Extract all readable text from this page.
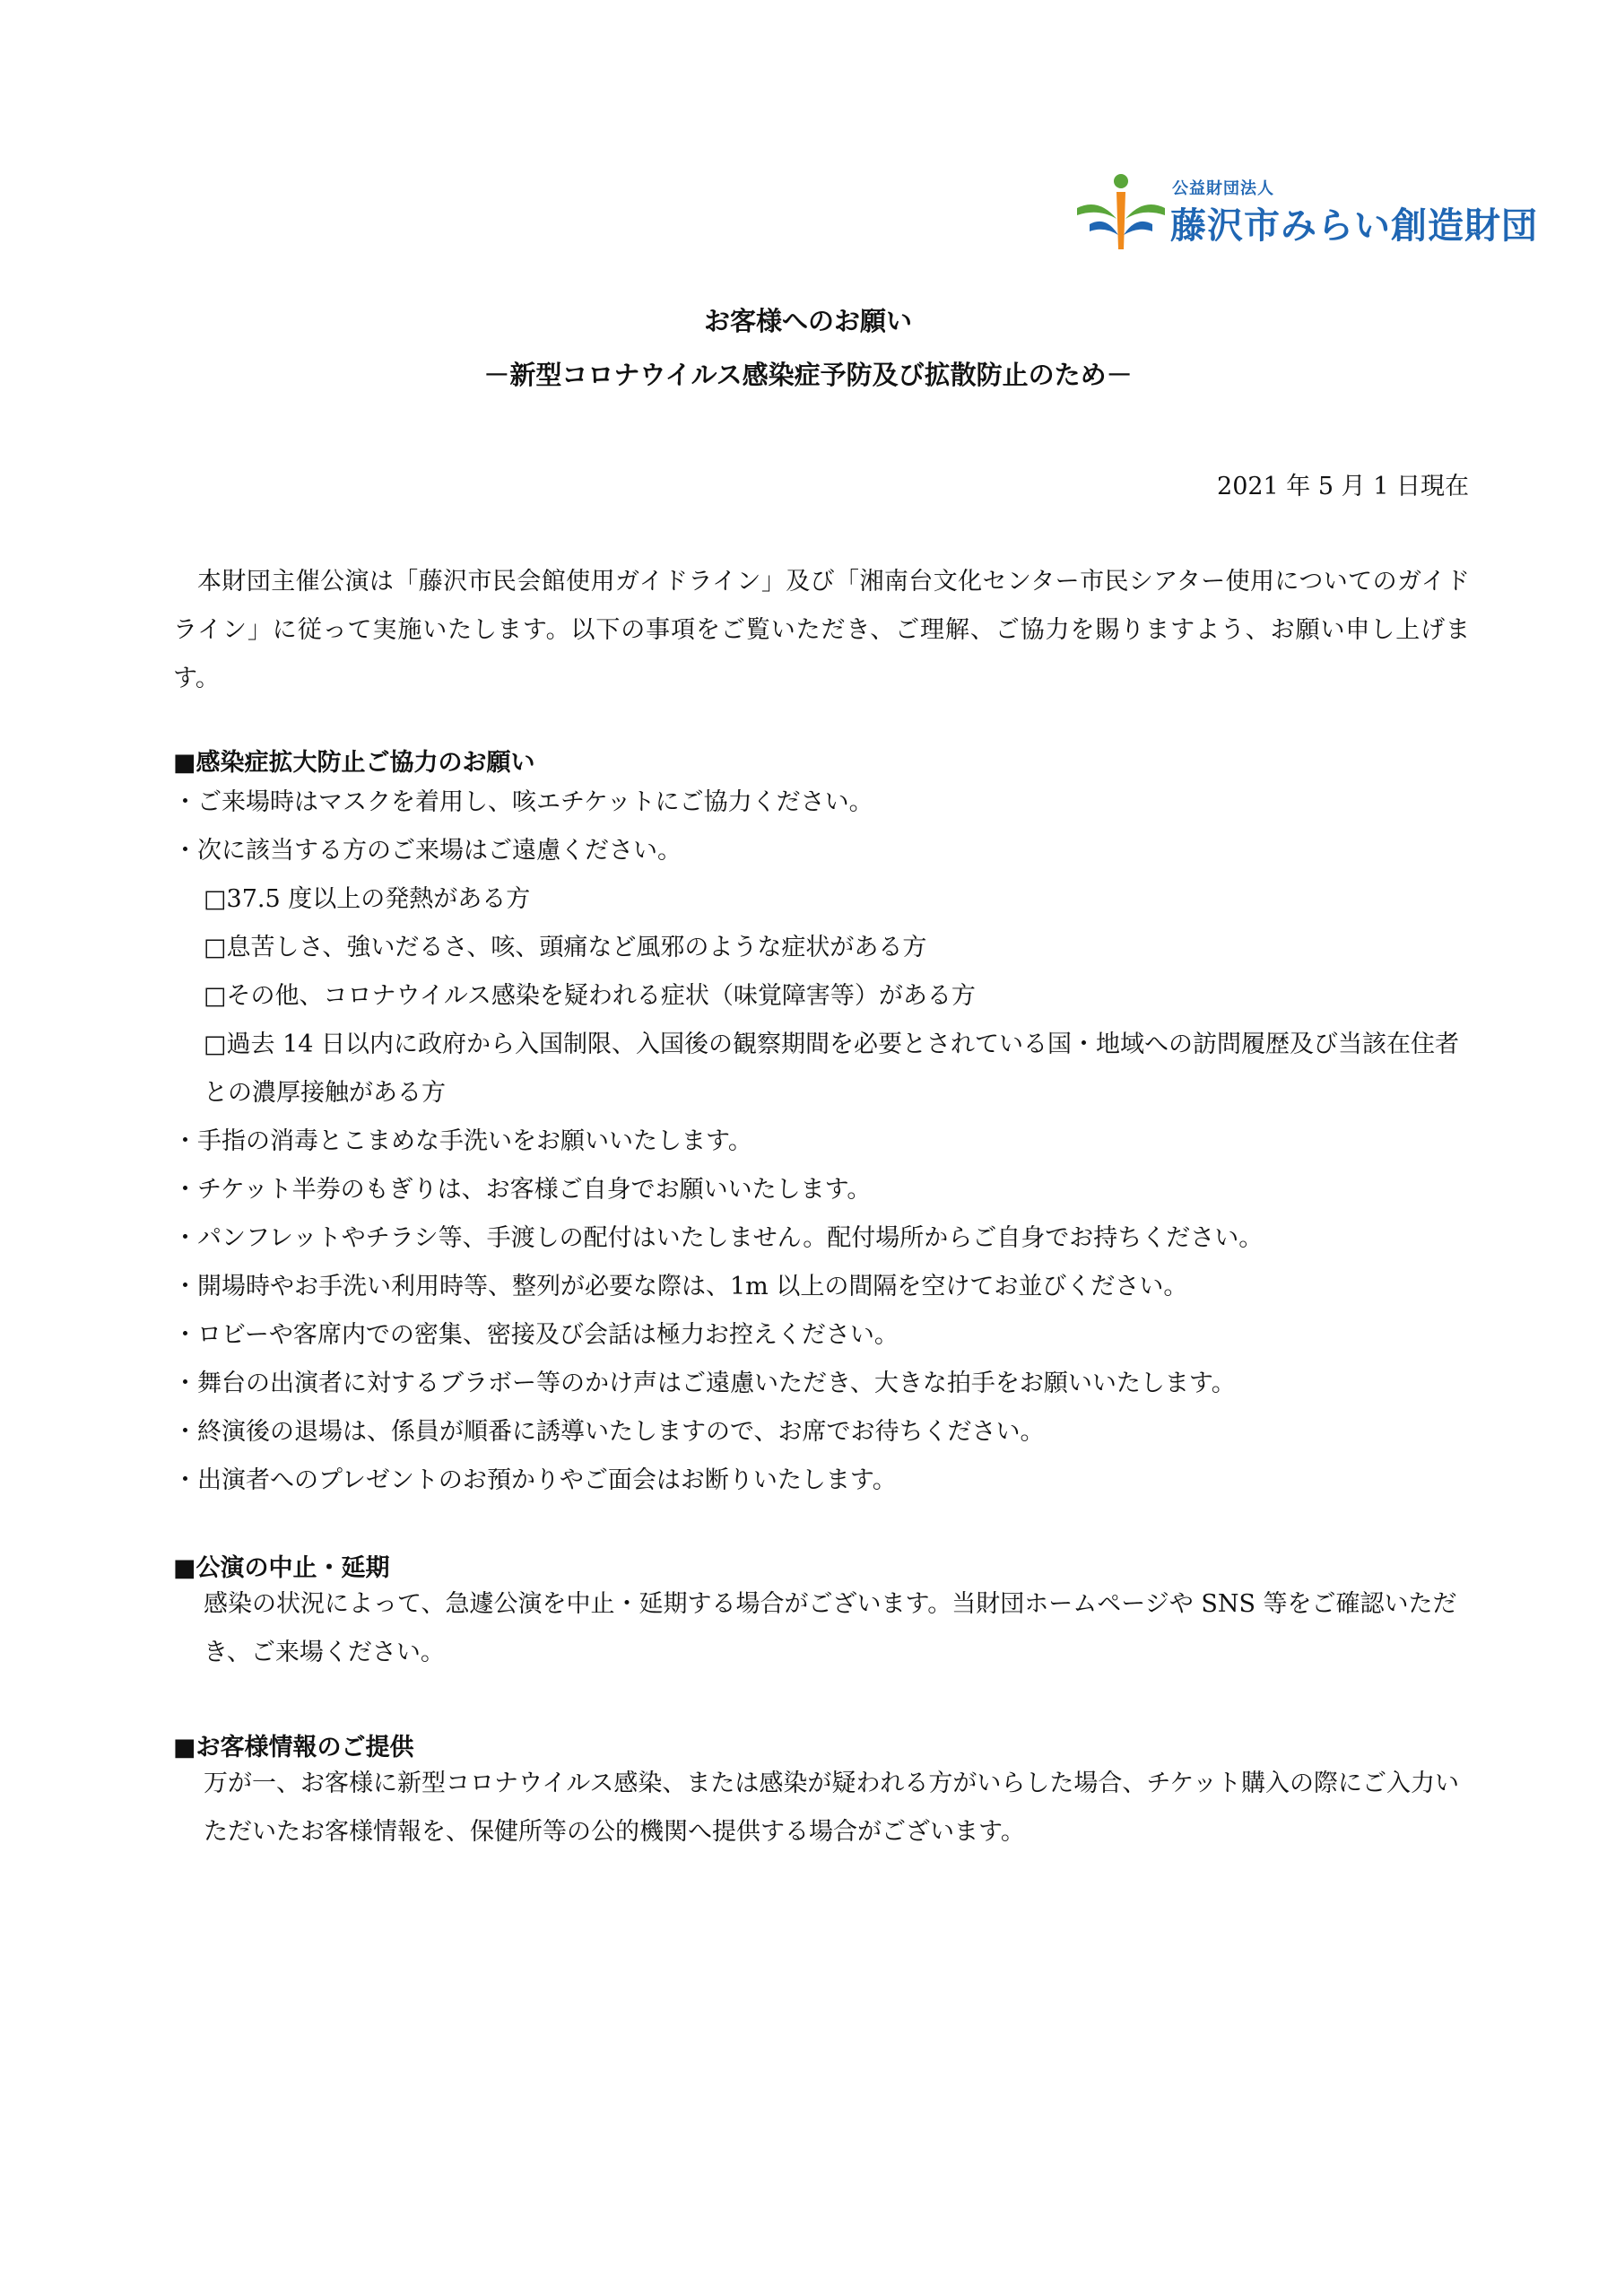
公益財団法人
藤沢市みらい創造財団
お客様へのお願い
－新型コロナウイルス感染症予防及び拡散防止のため－
2021 年 5 月 1 日現在
本財団主催公演は「藤沢市民会館使用ガイドライン」及び「湘南台文化センター市民シアター使用についてのガイドライン」に従って実施いたします。以下の事項をご覧いただき、ご理解、ご協力を賜りますよう、お願い申し上げます。
■感染症拡大防止ご協力のお願い
・ご来場時はマスクを着用し、咳エチケットにご協力ください。
・次に該当する方のご来場はご遠慮ください。
□37.5 度以上の発熱がある方
□息苦しさ、強いだるさ、咳、頭痛など風邪のような症状がある方
□その他、コロナウイルス感染を疑われる症状（味覚障害等）がある方
□過去 14 日以内に政府から入国制限、入国後の観察期間を必要とされている国・地域への訪問履歴及び当該在住者との濃厚接触がある方
・手指の消毒とこまめな手洗いをお願いいたします。
・チケット半券のもぎりは、お客様ご自身でお願いいたします。
・パンフレットやチラシ等、手渡しの配付はいたしません。配付場所からご自身でお持ちください。
・開場時やお手洗い利用時等、整列が必要な際は、1m 以上の間隔を空けてお並びください。
・ロビーや客席内での密集、密接及び会話は極力お控えください。
・舞台の出演者に対するブラボー等のかけ声はご遠慮いただき、大きな拍手をお願いいたします。
・終演後の退場は、係員が順番に誘導いたしますので、お席でお待ちください。
・出演者へのプレゼントのお預かりやご面会はお断りいたします。
■公演の中止・延期
感染の状況によって、急遽公演を中止・延期する場合がございます。当財団ホームページや SNS 等をご確認いただき、ご来場ください。
■お客様情報のご提供
万が一、お客様に新型コロナウイルス感染、または感染が疑われる方がいらした場合、チケット購入の際にご入力いただいたお客様情報を、保健所等の公的機関へ提供する場合がございます。
